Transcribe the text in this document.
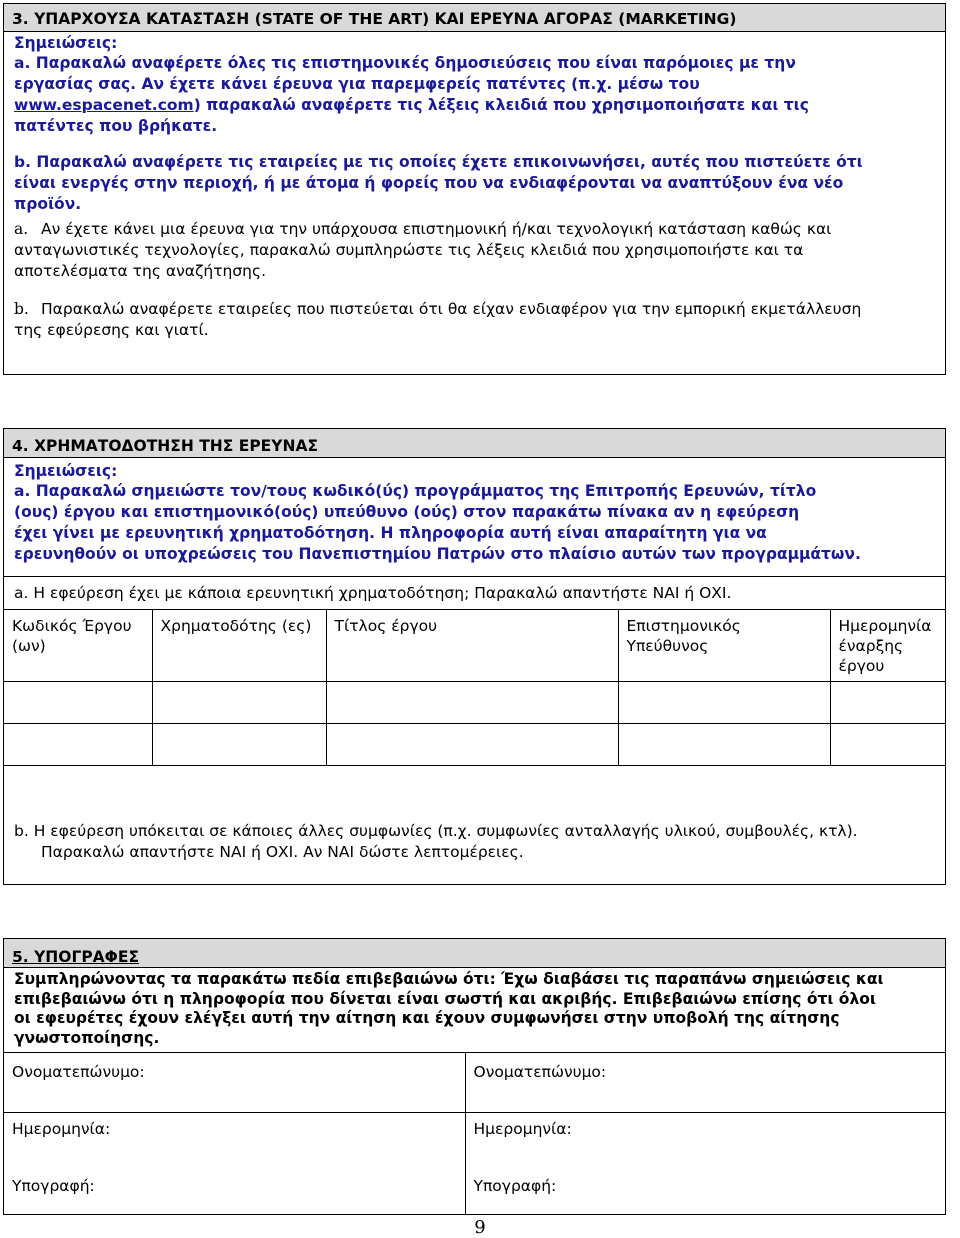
3. ΥΠΑΡΧΟΥΣΑ ΚΑΤΑΣΤΑΣΗ (STATE OF THE ART) ΚΑΙ ΕΡΕΥΝΑ ΑΓΟΡΑΣ (MARKETING)
Σημειώσεις:
a. Παρακαλώ αναφέρετε όλες τις επιστημονικές δημοσιεύσεις που είναι παρόμοιες με την
εργασίας σας. Αν έχετε κάνει έρευνα για παρεμφερείς πατέντες (π.χ. μέσω του
www.espacenet.com) παρακαλώ αναφέρετε τις λέξεις κλειδιά που χρησιμοποιήσατε και τις
πατέντες που βρήκατε.
b. Παρακαλώ αναφέρετε τις εταιρείες με τις οποίες έχετε επικοινωνήσει, αυτές που πιστεύετε ότι
είναι ενεργές στην περιοχή, ή με άτομα ή φορείς που να ενδιαφέρονται να αναπτύξουν ένα νέο
προϊόν.
a. Αν έχετε κάνει μια έρευνα για την υπάρχουσα επιστημονική ή/και τεχνολογική κατάσταση καθώς και
ανταγωνιστικές τεχνολογίες, παρακαλώ συμπληρώστε τις λέξεις κλειδιά που χρησιμοποιήστε και τα
αποτελέσματα της αναζήτησης.
b. Παρακαλώ αναφέρετε εταιρείες που πιστεύεται ότι θα είχαν ενδιαφέρον για την εμπορική εκμετάλλευση
της εφεύρεσης και γιατί.
4. ΧΡΗΜΑΤΟΔΟΤΗΣΗ ΤΗΣ ΕΡΕΥΝΑΣ
Σημειώσεις:
a. Παρακαλώ σημειώστε τον/τους κωδικό(ύς) προγράμματος της Επιτροπής Ερευνών, τίτλο
(ους) έργου και επιστημονικό(ούς) υπεύθυνο (ούς) στον παρακάτω πίνακα αν η εφεύρεση
έχει γίνει με ερευνητική χρηματοδότηση. Η πληροφορία αυτή είναι απαραίτητη για να
ερευνηθούν οι υποχρεώσεις του Πανεπιστημίου Πατρών στο πλαίσιο αυτών των προγραμμάτων.
a. Η εφεύρεση έχει με κάποια ερευνητική χρηματοδότηση; Παρακαλώ απαντήστε ΝΑΙ ή ΟΧΙ.
Κωδικός Έργου (ων)	Χρηματοδότης (ες)	Τίτλος έργου	Επιστημονικός Υπεύθυνος	Ημερομηνία έναρξης έργου

b. Η εφεύρεση υπόκειται σε κάποιες άλλες συμφωνίες (π.χ. συμφωνίες ανταλλαγής υλικού, συμβουλές, κτλ).
Παρακαλώ απαντήστε ΝΑΙ ή ΟΧΙ. Αν ΝΑΙ δώστε λεπτομέρειες.
5. ΥΠΟΓΡΑΦΕΣ
Συμπληρώνοντας τα παρακάτω πεδία επιβεβαιώνω ότι: Έχω διαβάσει τις παραπάνω σημειώσεις και
επιβεβαιώνω ότι η πληροφορία που δίνεται είναι σωστή και ακριβής. Επιβεβαιώνω επίσης ότι όλοι
οι εφευρέτες έχουν ελέγξει αυτή την αίτηση και έχουν συμφωνήσει στην υποβολή της αίτησης
γνωστοποίησης.
Ονοματεπώνυμο:	Ονοματεπώνυμο:
Ημερομηνία:	Ημερομηνία:
Υπογραφή:	Υπογραφή:
9
